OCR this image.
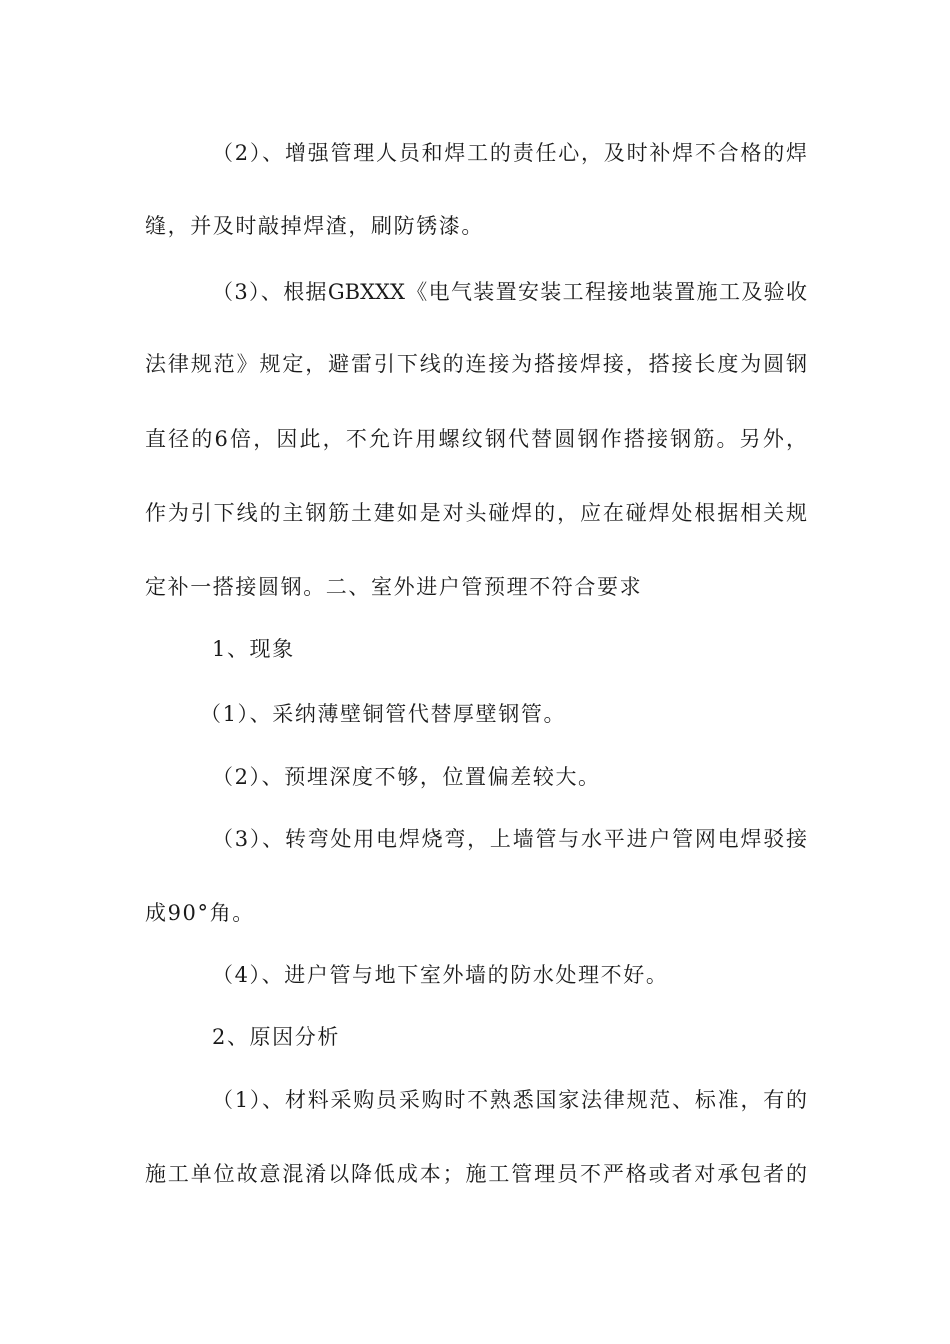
（2）、增强管理人员和焊工的责任心，及时补焊不合格的焊

缝，并及时敲掉焊渣，刷防锈漆。

（3）、根据GBXXX《电气装置安装工程接地装置施工及验收

法律规范》规定，避雷引下线的连接为搭接焊接，搭接长度为圆钢

直径的6倍，因此，不允许用螺纹钢代替圆钢作搭接钢筋。另外，

作为引下线的主钢筋土建如是对头碰焊的，应在碰焊处根据相关规

定补一搭接圆钢。二、室外进户管预理不符合要求

1、现象

（1）、采纳薄壁铜管代替厚壁钢管。

（2）、预埋深度不够，位置偏差较大。

（3）、转弯处用电焊烧弯，上墙管与水平进户管网电焊驳接

成90°角。

（4）、进户管与地下室外墙的防水处理不好。

2、原因分析

（1）、材料采购员采购时不熟悉国家法律规范、标准，有的

施工单位故意混淆以降低成本；施工管理员不严格或者对承包者的
